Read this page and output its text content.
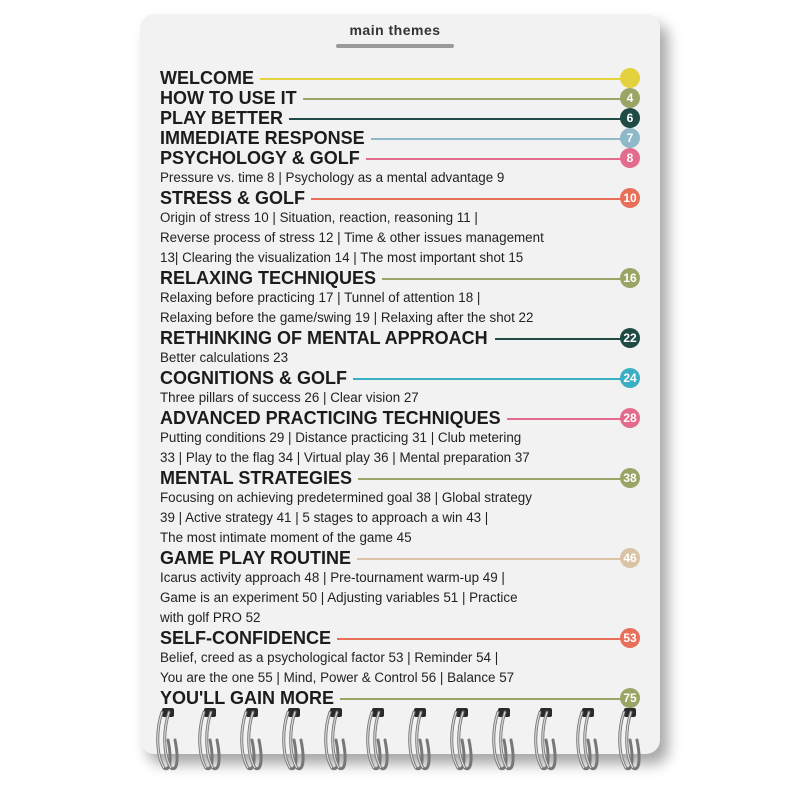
main themes
WELCOME
HOW TO USE IT	4
PLAY BETTER	6
IMMEDIATE RESPONSE	7
PSYCHOLOGY & GOLF	8
Pressure vs. time 8 | Psychology as a mental advantage 9
STRESS & GOLF	10
Origin of stress 10 | Situation, reaction, reasoning 11 |
Reverse process of stress 12 | Time & other issues management
13| Clearing the visualization 14 | The most important shot 15
RELAXING TECHNIQUES	16
Relaxing before practicing 17 | Tunnel of attention 18 |
Relaxing before the game/swing 19 | Relaxing after the shot 22
RETHINKING OF MENTAL APPROACH	22
Better calculations 23
COGNITIONS & GOLF	24
Three pillars of success 26 | Clear vision 27
ADVANCED PRACTICING TECHNIQUES	28
Putting conditions 29 | Distance practicing 31 | Club metering
33 | Play to the flag 34 | Virtual play 36 | Mental preparation 37
MENTAL STRATEGIES	38
Focusing on achieving predetermined goal 38 | Global strategy
39 | Active strategy 41 | 5 stages to approach a win 43 |
The most intimate moment of the game 45
GAME PLAY ROUTINE	46
Icarus activity approach 48 | Pre-tournament warm-up 49 |
Game is an experiment 50 | Adjusting variables 51 | Practice
with golf PRO 52
SELF-CONFIDENCE	53
Belief, creed as a psychological factor 53 | Reminder 54 |
You are the one 55 | Mind, Power & Control 56 | Balance 57
YOU'LL GAIN MORE	75
